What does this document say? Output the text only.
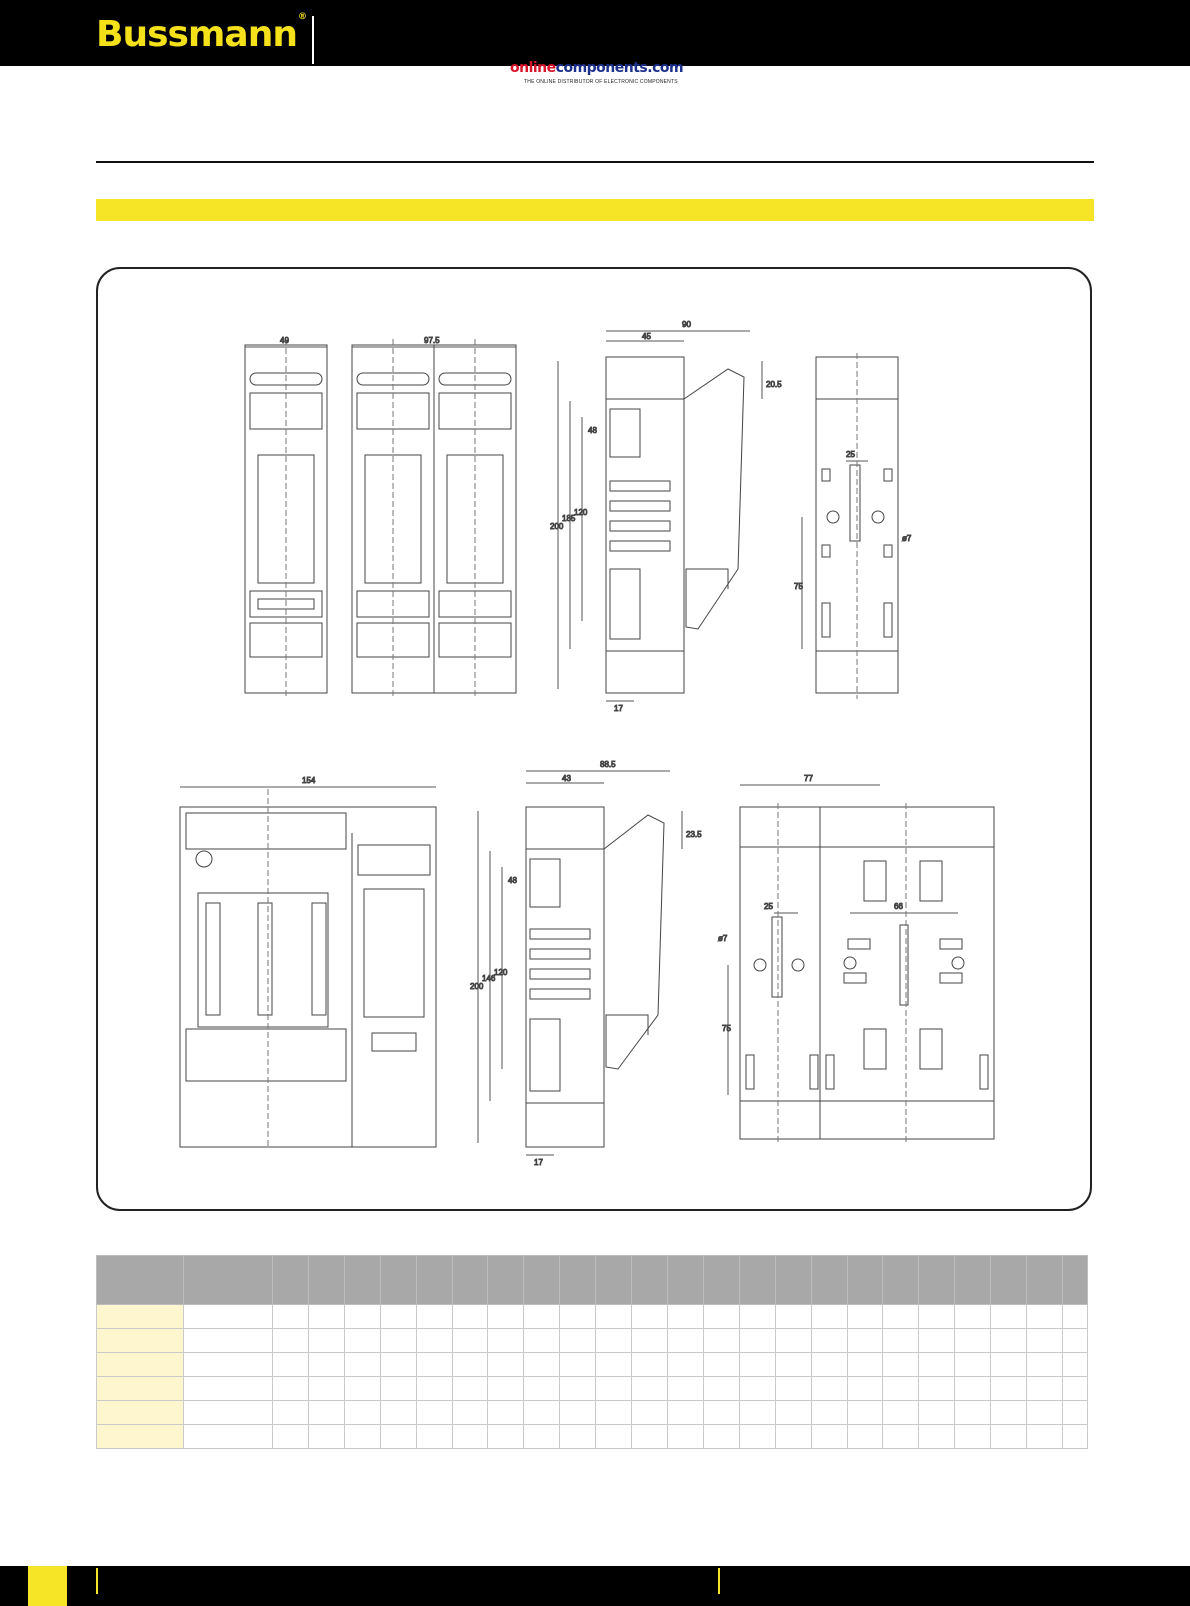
Bussmann®
onlinecomponents.com
THE ONLINE DISTRIBUTOR OF ELECTRONIC COMPONENTS
49	97.5
90
45
20.5
200
185
120
48
17
25
75
ø7
154
88.5
43
23.5
200
146
120
48
17
77
25	66
ø7
75
